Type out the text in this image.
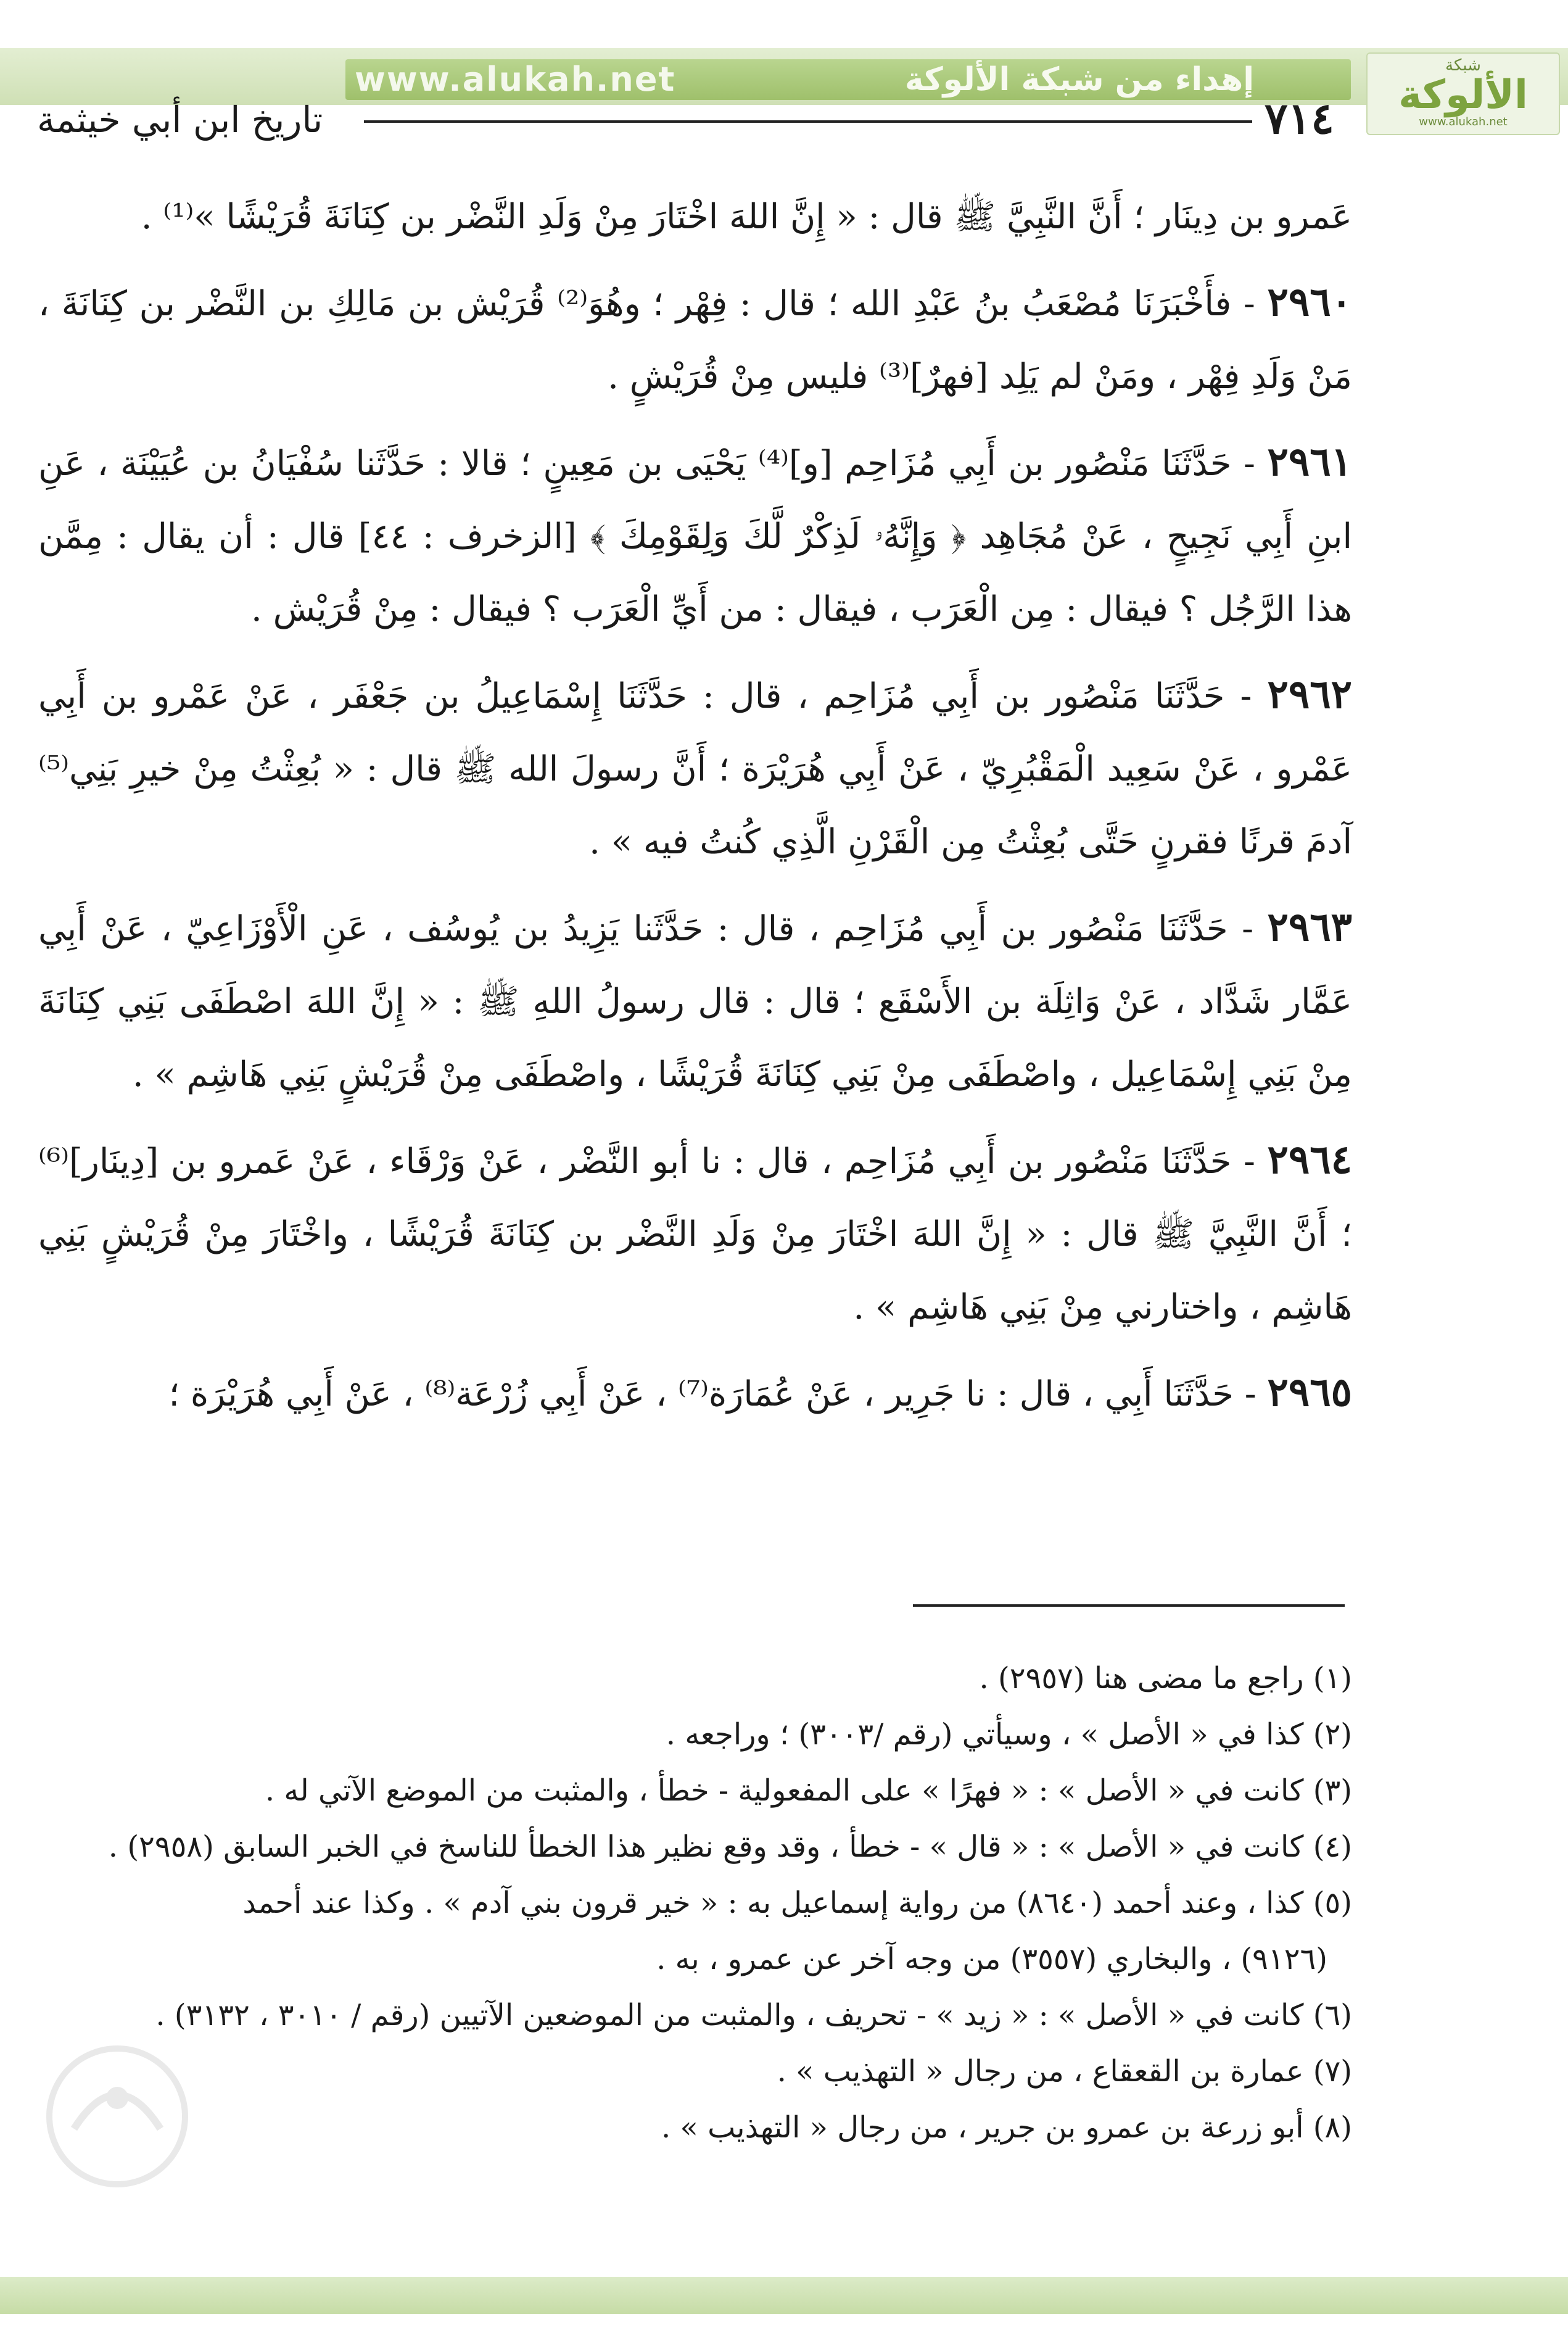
www.alukah.net	إهداء من شبكة الألوكة	شبكة
الألوكة
www.alukah.net
تاريخ ابن أبي خيثمة	٧١٤

عَمرو بن دِينَار ؛ أَنَّ النَّبِيَّ ﷺ قال : « إِنَّ اللهَ اخْتَارَ مِنْ وَلَدِ النَّضْر بن كِنَانَةَ قُرَيْشًا »⁽¹⁾ .

٢٩٦٠ - فأَخْبَرَنَا مُصْعَبُ بنُ عَبْدِ الله ؛ قال : فِهْر ؛ وهُوَ⁽²⁾ قُرَيْش بن مَالِكِ بن النَّضْر بن كِنَانَةَ ، مَنْ وَلَدِ فِهْر ، ومَنْ لم يَلِد [فهرٌ]⁽³⁾ فليس مِنْ قُرَيْشٍ .

٢٩٦١ - حَدَّثَنَا مَنْصُور بن أَبِي مُزَاحِم [و]⁽⁴⁾ يَحْيَى بن مَعِينٍ ؛ قالا : حَدَّثَنا سُفْيَانُ بن عُيَيْنَة ، عَنِ ابنِ أَبِي نَجِيحٍ ، عَنْ مُجَاهِد ﴿ وَإِنَّهُۥ لَذِكْرٌ لَّكَ وَلِقَوْمِكَ ﴾ [الزخرف : ٤٤] قال : أن يقال : مِمَّن هذا الرَّجُل ؟ فيقال : مِن الْعَرَب ، فيقال : من أَيِّ الْعَرَب ؟ فيقال : مِنْ قُرَيْش .

٢٩٦٢ - حَدَّثَنَا مَنْصُور بن أَبِي مُزَاحِم ، قال : حَدَّثَنَا إِسْمَاعِيلُ بن جَعْفَر ، عَنْ عَمْرو بن أَبِي عَمْرو ، عَنْ سَعِيد الْمَقْبُرِيّ ، عَنْ أَبِي هُرَيْرَة ؛ أَنَّ رسولَ الله ﷺ قال : « بُعِثْتُ مِنْ خيرِ بَنِي⁽⁵⁾ آدمَ قرنًا فقرنٍ حَتَّى بُعِثْتُ مِن الْقَرْنِ الَّذِي كُنتُ فيه » .

٢٩٦٣ - حَدَّثَنَا مَنْصُور بن أَبِي مُزَاحِم ، قال : حَدَّثَنا يَزِيدُ بن يُوسُف ، عَنِ الْأَوْزَاعِيّ ، عَنْ أَبِي عَمَّار شَدَّاد ، عَنْ وَاثِلَة بن الأَسْقَع ؛ قال : قال رسولُ اللهِ ﷺ : « إِنَّ اللهَ اصْطَفَى بَنِي كِنَانَةَ مِنْ بَنِي إِسْمَاعِيل ، واصْطَفَى مِنْ بَنِي كِنَانَةَ قُرَيْشًا ، واصْطَفَى مِنْ قُرَيْشٍ بَنِي هَاشِم » .

٢٩٦٤ - حَدَّثَنَا مَنْصُور بن أَبِي مُزَاحِم ، قال : نا أبو النَّضْر ، عَنْ وَرْقَاء ، عَنْ عَمرو بن [دِينَار]⁽⁶⁾ ؛ أَنَّ النَّبِيَّ ﷺ قال : « إِنَّ اللهَ اخْتَارَ مِنْ وَلَدِ النَّضْر بن كِنَانَةَ قُرَيْشًا ، واخْتَارَ مِنْ قُرَيْشٍ بَنِي هَاشِم ، واختارني مِنْ بَنِي هَاشِم » .

٢٩٦٥ - حَدَّثَنَا أَبِي ، قال : نا جَرِير ، عَنْ عُمَارَة⁽⁷⁾ ، عَنْ أَبِي زُرْعَة⁽⁸⁾ ، عَنْ أَبِي هُرَيْرَة ؛

(١) راجع ما مضى هنا (٢٩٥٧) .

(٢) كذا في « الأصل » ، وسيأتي (رقم /٣٠٠٣) ؛ وراجعه .

(٣) كانت في « الأصل » : « فهرًا » على المفعولية - خطأ ، والمثبت من الموضع الآتي له .

(٤) كانت في « الأصل » : « قال » - خطأ ، وقد وقع نظير هذا الخطأ للناسخ في الخبر السابق (٢٩٥٨) .

(٥) كذا ، وعند أحمد (٨٦٤٠) من رواية إسماعيل به : « خير قرون بني آدم » . وكذا عند أحمد

(٩١٢٦) ، والبخاري (٣٥٥٧) من وجه آخر عن عمرو ، به .

(٦) كانت في « الأصل » : « زيد » - تحريف ، والمثبت من الموضعين الآتيين (رقم / ٣٠١٠ ، ٣١٣٢) .

(٧) عمارة بن القعقاع ، من رجال « التهذيب » .

(٨) أبو زرعة بن عمرو بن جرير ، من رجال « التهذيب » .
